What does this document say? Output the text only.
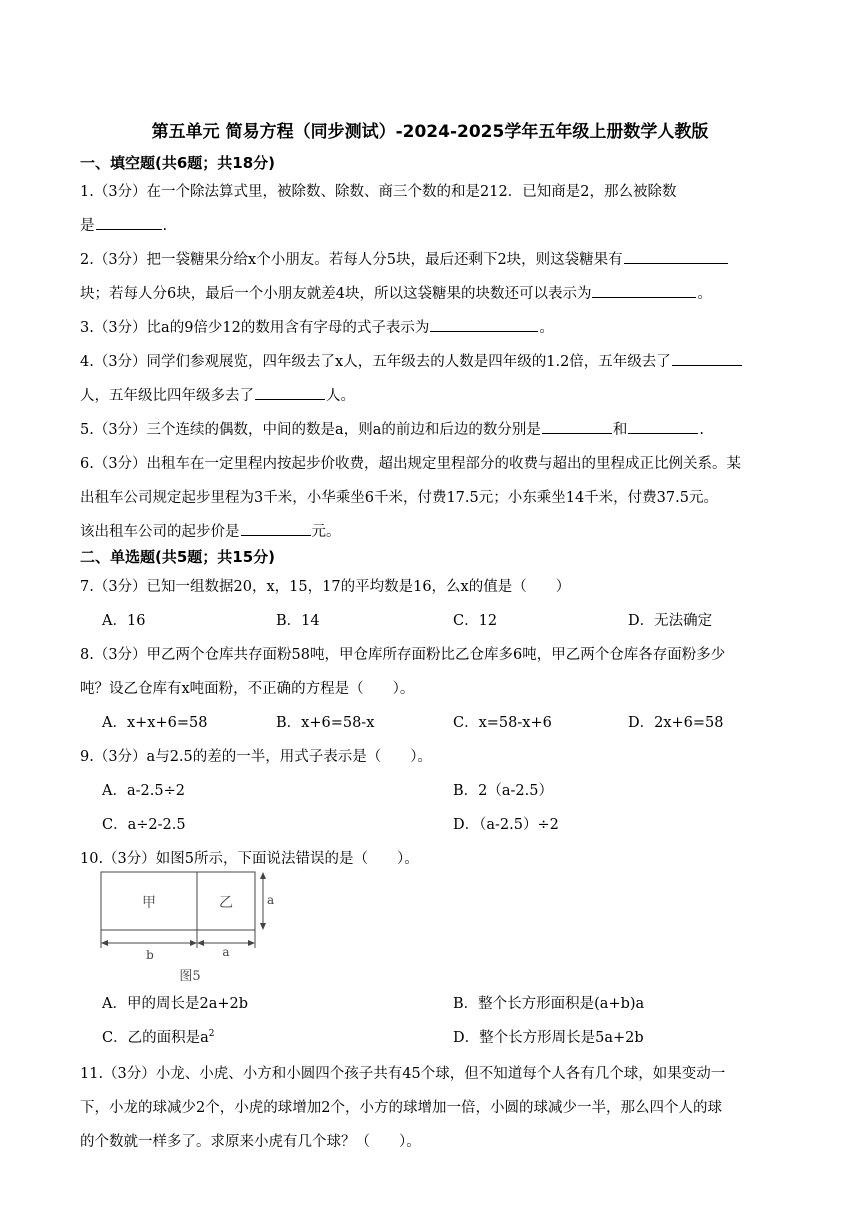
第五单元 简易方程（同步测试）-2024-2025学年五年级上册数学人教版
一、填空题(共6题；共18分)
1.（3分）在一个除法算式里，被除数、除数、商三个数的和是212．已知商是2，那么被除数
是	.
2.（3分）把一袋糖果分给x个小朋友。若每人分5块，最后还剩下2块，则这袋糖果有
块；若每人分6块，最后一个小朋友就差4块，所以这袋糖果的块数还可以表示为	。
3.（3分）比a的9倍少12的数用含有字母的式子表示为	。
4.（3分）同学们参观展览，四年级去了x人，五年级去的人数是四年级的1.2倍，五年级去了
人，五年级比四年级多去了	人。
5.（3分）三个连续的偶数，中间的数是a，则a的前边和后边的数分别是	和	.
6.（3分）出租车在一定里程内按起步价收费，超出规定里程部分的收费与超出的里程成正比例关系。某
出租车公司规定起步里程为3千米，小华乘坐6千米，付费17.5元；小东乘坐14千米，付费37.5元。
该出租车公司的起步价是	元。
二、单选题(共5题；共15分)
7.（3分）已知一组数据20，x，15，17的平均数是16，么x的值是（　　）
A．16	B．14	C．12	D．无法确定
8.（3分）甲乙两个仓库共存面粉58吨，甲仓库所存面粉比乙仓库多6吨，甲乙两个仓库各存面粉多少
吨？设乙仓库有x吨面粉，不正确的方程是（　　）。
A．x+x+6=58	B．x+6=58-x	C．x=58-x+6	D．2x+6=58
9.（3分）a与2.5的差的一半，用式子表示是（　　）。
A．a-2.5÷2	B．2（a-2.5）
C．a÷2-2.5	D．（a-2.5）÷2
10.（3分）如图5所示，下面说法错误的是（　　）。
甲	乙	a
b	a
图5
A．甲的周长是2a+2b	B．整个长方形面积是(a+b)a
C．乙的面积是$a^2$	D．整个长方形周长是5a+2b
11.（3分）小龙、小虎、小方和小圆四个孩子共有45个球，但不知道每个人各有几个球，如果变动一
下，小龙的球减少2个，小虎的球增加2个，小方的球增加一倍，小圆的球减少一半，那么四个人的球
的个数就一样多了。求原来小虎有几个球？（　　）。
